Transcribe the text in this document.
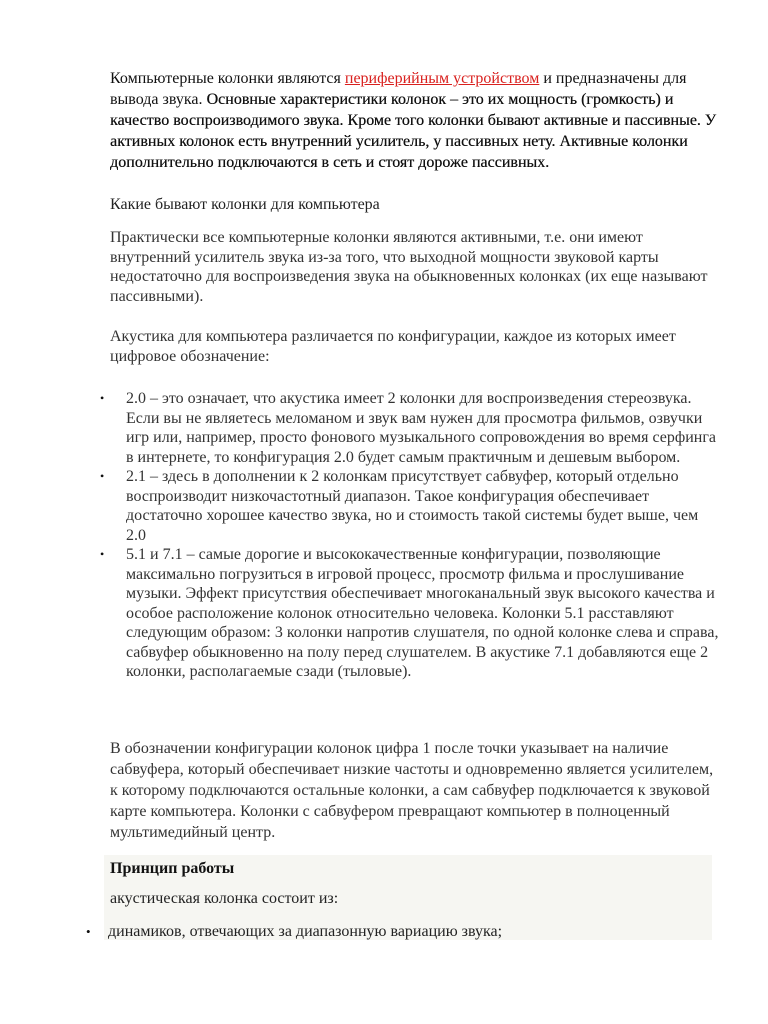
Компьютерные колонки являются периферийным устройством и предназначены для вывода звука. Основные характеристики колонок – это их мощность (громкость) и качество воспроизводимого звука. Кроме того колонки бывают активные и пассивные. У активных колонок есть внутренний усилитель, у пассивных нету. Активные колонки дополнительно подключаются в сеть и стоят дороже пассивных.

Какие бывают колонки для компьютера

Практически все компьютерные колонки являются активными, т.е. они имеют внутренний усилитель звука из-за того, что выходной мощности звуковой карты недостаточно для воспроизведения звука на обыкновенных колонках (их еще называют пассивными).

Акустика для компьютера различается по конфигурации, каждое из которых имеет цифровое обозначение:

• 2.0 – это означает, что акустика имеет 2 колонки для воспроизведения стереозвука. Если вы не являетесь меломаном и звук вам нужен для просмотра фильмов, озвучки игр или, например, просто фонового музыкального сопровождения во время серфинга в интернете, то конфигурация 2.0 будет самым практичным и дешевым выбором.
• 2.1 – здесь в дополнении к 2 колонкам присутствует сабвуфер, который отдельно воспроизводит низкочастотный диапазон. Такое конфигурация обеспечивает достаточно хорошее качество звука, но и стоимость такой системы будет выше, чем 2.0
• 5.1 и 7.1 – самые дорогие и высококачественные конфигурации, позволяющие максимально погрузиться в игровой процесс, просмотр фильма и прослушивание музыки. Эффект присутствия обеспечивает многоканальный звук высокого качества и особое расположение колонок относительно человека. Колонки 5.1 расставляют следующим образом: 3 колонки напротив слушателя, по одной колонке слева и справа, сабвуфер обыкновенно на полу перед слушателем. В акустике 7.1 добавляются еще 2 колонки, располагаемые сзади (тыловые).

В обозначении конфигурации колонок цифра 1 после точки указывает на наличие сабвуфера, который обеспечивает низкие частоты и одновременно является усилителем, к которому подключаются остальные колонки, а сам сабвуфер подключается к звуковой карте компьютера. Колонки с сабвуфером превращают компьютер в полноценный мультимедийный центр.

Принцип работы

акустическая колонка состоит из:

• динамиков, отвечающих за диапазонную вариацию звука;
